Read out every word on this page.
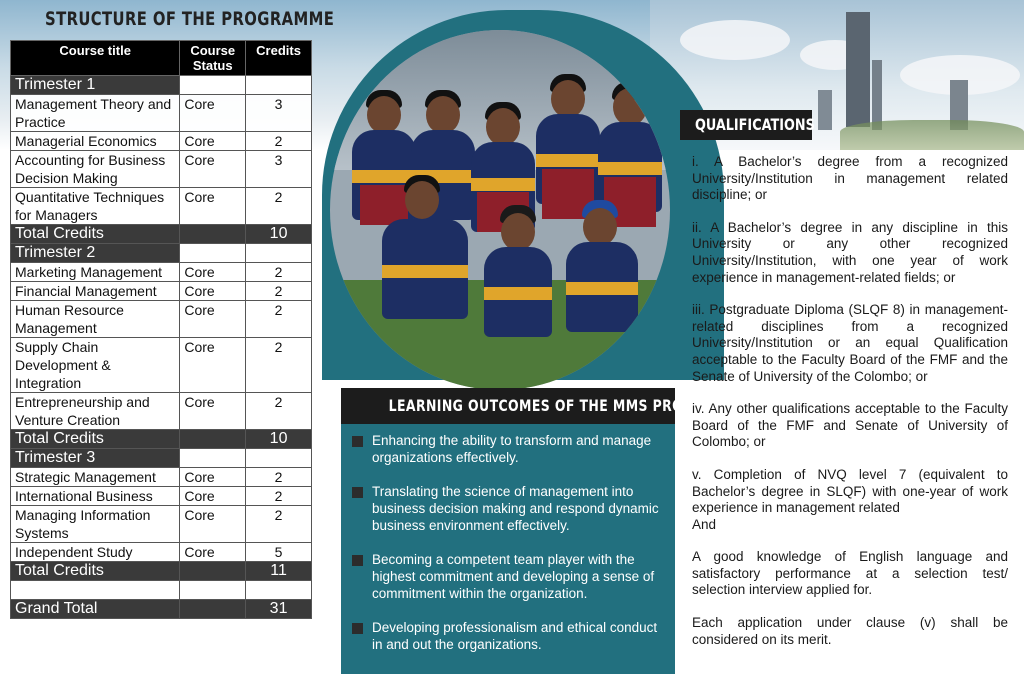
STRUCTURE OF THE PROGRAMME
Course title	Course Status	Credits
Trimester 1		
Management Theory and Practice	Core	3
Managerial Economics	Core	2
Accounting for Business Decision Making	Core	3
Quantitative Techniques for Managers	Core	2
Total Credits		10
Trimester 2		
Marketing Management	Core	2
Financial Management	Core	2
Human Resource Management	Core	2
Supply Chain Development & Integration	Core	2
Entrepreneurship and Venture Creation	Core	2
Total Credits		10
Trimester 3		
Strategic Management	Core	2
International Business	Core	2
Managing Information Systems	Core	2
Independent Study	Core	5
Total Credits		11

Grand Total		31
LEARNING OUTCOMES OF THE MMS PROGRAM
Enhancing the ability to transform and manage organizations effectively.
Translating the science of management into business decision making and respond dynamic business environment effectively.
Becoming a competent team player with the highest commitment and developing a sense of commitment within the organization.
Developing professionalism and ethical conduct in and out the organizations.
QUALIFICATIONS

i. A Bachelor’s degree from a recognized University/Institution in management related discipline; or

ii. A Bachelor’s degree in any discipline in this University or any other recognized University/Institution, with one year of work experience in management-related fields; or

iii. Postgraduate Diploma (SLQF 8) in management-related disciplines from a recognized University/Institution or an equal Qualification acceptable to the Faculty Board of the FMF and the Senate of University of the Colombo; or

iv. Any other qualifications acceptable to the Faculty Board of the FMF and Senate of University of Colombo; or

v. Completion of NVQ level 7 (equivalent to Bachelor’s degree in SLQF) with one-year of work experience in management related

And

A good knowledge of English language and satisfactory performance at a selection test/ selection interview applied for.

Each application under clause (v) shall be considered on its merit.
